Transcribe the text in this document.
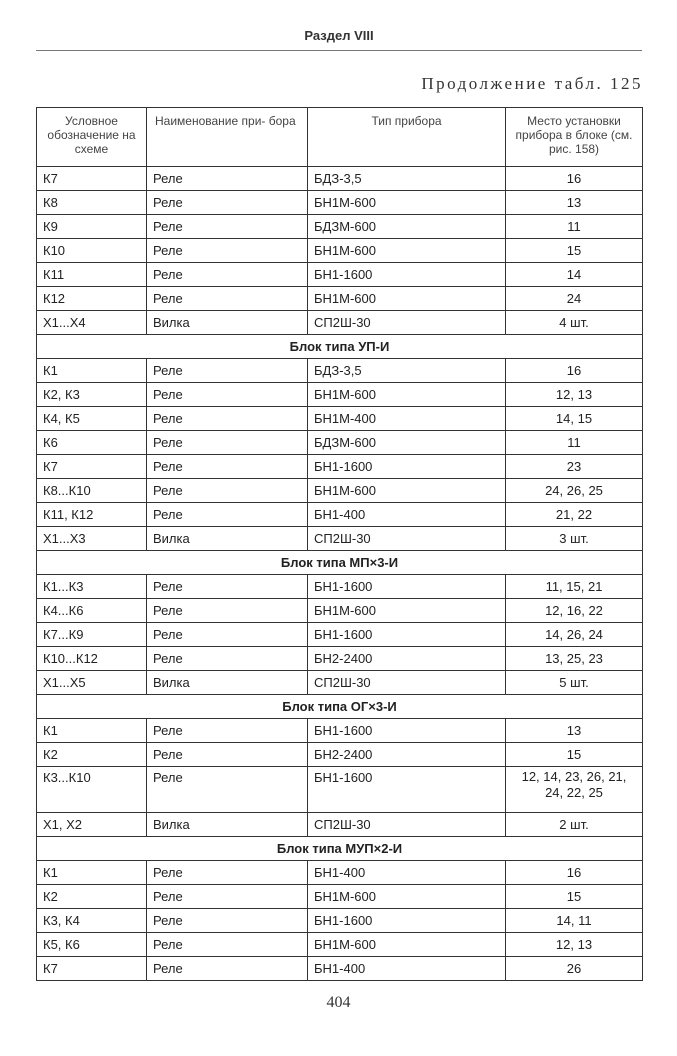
Раздел VIII
Продолжение табл. 125
Условное обозначение на схеме	Наименование при- бора	Тип прибора	Место установки прибора в блоке (см. рис. 158)
К7	Реле	БДЗ-3,5	16
К8	Реле	БН1М-600	13
К9	Реле	БДЗМ-600	11
К10	Реле	БН1М-600	15
К11	Реле	БН1-1600	14
К12	Реле	БН1М-600	24
Х1...Х4	Вилка	СП2Ш-30	4 шт.
Блок типа УП-И			
К1	Реле	БДЗ-3,5	16
К2, К3	Реле	БН1М-600	12, 13
К4, К5	Реле	БН1М-400	14, 15
К6	Реле	БДЗМ-600	11
К7	Реле	БН1-1600	23
К8...К10	Реле	БН1М-600	24, 26, 25
К11, К12	Реле	БН1-400	21, 22
Х1...Х3	Вилка	СП2Ш-30	3 шт.
Блок типа МП×3-И			
К1...К3	Реле	БН1-1600	11, 15, 21
К4...К6	Реле	БН1М-600	12, 16, 22
К7...К9	Реле	БН1-1600	14, 26, 24
К10...К12	Реле	БН2-2400	13, 25, 23
Х1...Х5	Вилка	СП2Ш-30	5 шт.
Блок типа ОГ×3-И			
К1	Реле	БН1-1600	13
К2	Реле	БН2-2400	15
К3...К10	Реле	БН1-1600	12, 14, 23, 26, 21, 24, 22, 25
Х1, Х2	Вилка	СП2Ш-30	2 шт.
Блок типа МУП×2-И			
К1	Реле	БН1-400	16
К2	Реле	БН1М-600	15
К3, К4	Реле	БН1-1600	14, 11
К5, К6	Реле	БН1М-600	12, 13
К7	Реле	БН1-400	26
404
